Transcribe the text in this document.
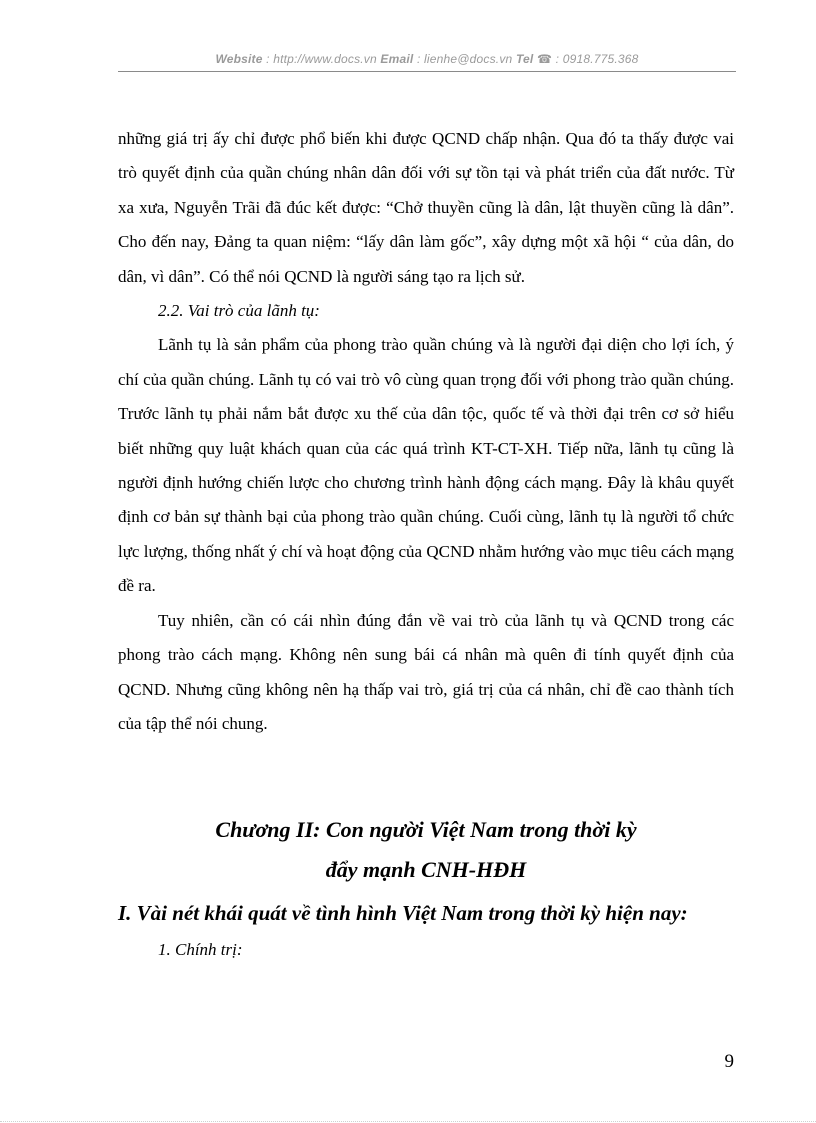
Website : http://www.docs.vn Email : lienhe@docs.vn Tel ☎ : 0918.775.368

những giá trị ấy chỉ được phổ biến khi được QCND chấp nhận. Qua đó ta thấy được vai trò quyết định của quần chúng nhân dân đối với sự tồn tại và phát triển của đất nước. Từ xa xưa, Nguyễn Trãi đã đúc kết được: “Chở thuyền cũng là dân, lật thuyền cũng là dân”. Cho đến nay, Đảng ta quan niệm: “lấy dân làm gốc”, xây dựng một xã hội “ của dân, do dân, vì dân”. Có thể nói QCND là người sáng tạo ra lịch sử.

2.2. Vai trò của lãnh tụ:

Lãnh tụ là sản phẩm của phong trào quần chúng và là người đại diện cho lợi ích, ý chí của quần chúng. Lãnh tụ có vai trò vô cùng quan trọng đối với phong trào quần chúng. Trước lãnh tụ phải nắm bắt được xu thế của dân tộc, quốc tế và thời đại trên cơ sở hiểu biết những quy luật khách quan của các quá trình KT-CT-XH. Tiếp nữa, lãnh tụ cũng là người định hướng chiến lược cho chương trình hành động cách mạng. Đây là khâu quyết định cơ bản sự thành bại của phong trào quần chúng. Cuối cùng, lãnh tụ là người tổ chức lực lượng, thống nhất ý chí và hoạt động của QCND nhằm hướng vào mục tiêu cách mạng đề ra.

Tuy nhiên, cần có cái nhìn đúng đắn về vai trò của lãnh tụ và QCND trong các phong trào cách mạng. Không nên sung bái cá nhân mà quên đi tính quyết định của QCND. Nhưng cũng không nên hạ thấp vai trò, giá trị của cá nhân, chỉ đề cao thành tích của tập thể nói chung.

Chương II: Con người Việt Nam trong thời kỳ
đẩy mạnh CNH-HĐH
I. Vài nét khái quát về tình hình Việt Nam trong thời kỳ hiện nay:
1. Chính trị:
9
